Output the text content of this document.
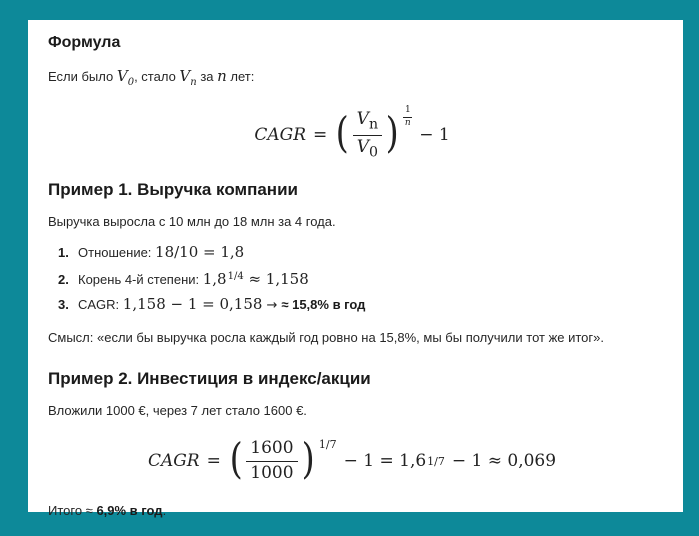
Формула
Если было $V_0$, стало $V_n$ за n лет:
CAGR = ( $\frac{V_n}{V_0}$ ) 1
n
− 1
Пример 1. Выручка компании
Выручка выросла с 10 млн до 18 млн за 4 года.
1. Отношение: 18/10 = 1,8
2. Корень 4-й степени: $1,8^{1/4} \approx 1,158$
3. CAGR: 1,158 − 1 = 0,158 → ≈ 15,8% в год
Смысл: «если бы выручка росла каждый год ровно на 15,8%, мы бы получили тот же итог».
Пример 2. Инвестиция в индекс/акции
Вложили 1000 €, через 7 лет стало 1600 €.
CAGR = ( $\frac{1600}{1000}$ ) 1/7
− 1 = 1,6 1/7 − 1 ≈ 0,069
Итого ≈ 6,9% в год.
